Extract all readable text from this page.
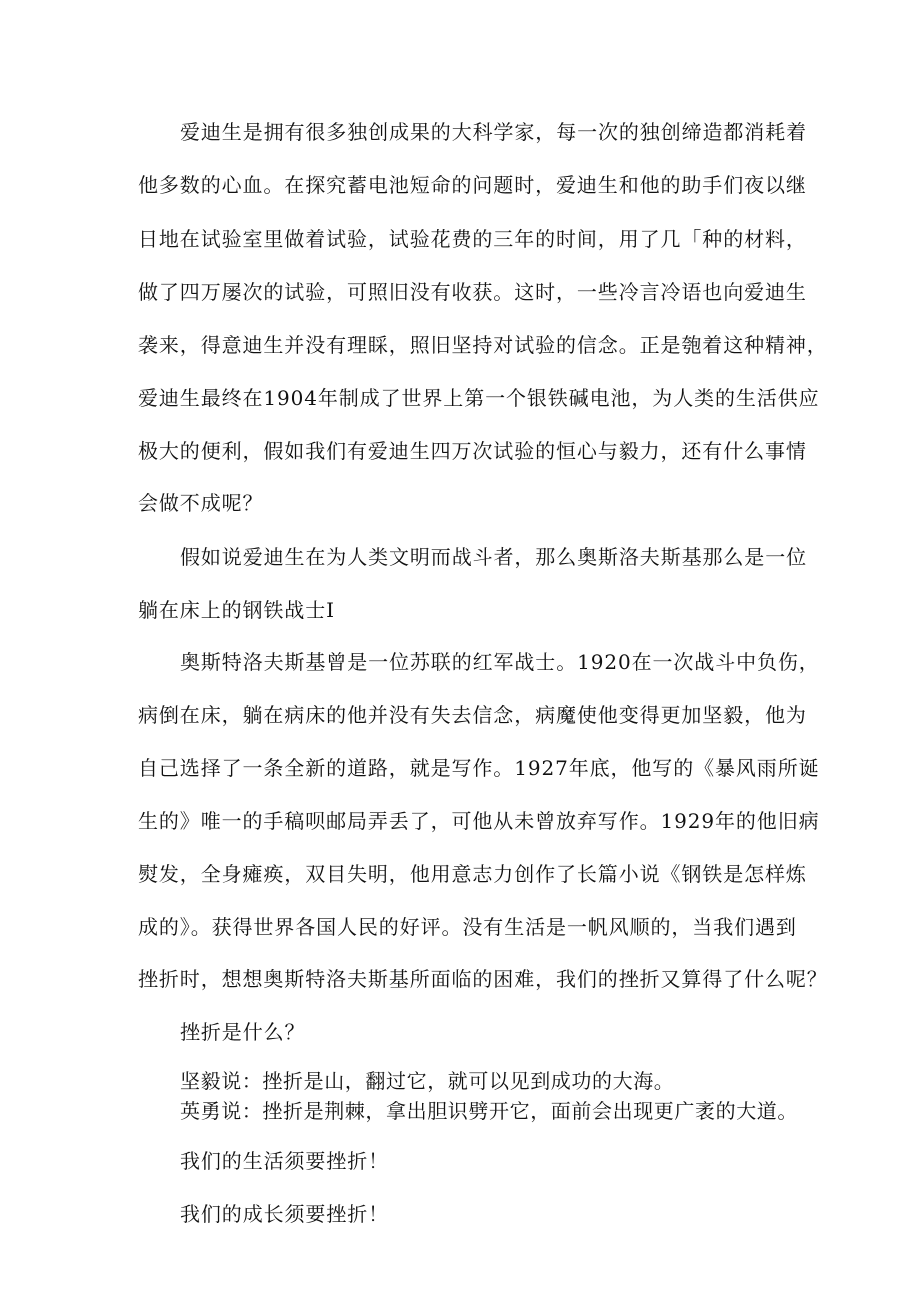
爱迪生是拥有很多独创成果的大科学家，每一次的独创缔造都消耗着
他多数的心血。在探究蓄电池短命的问题时，爱迪生和他的助手们夜以继
日地在试验室里做着试验，试验花费的三年的时间，用了几「种的材料，
做了四万屡次的试验，可照旧没有收获。这时，一些冷言冷语也向爱迪生
袭来，得意迪生并没有理睬，照旧坚持对试验的信念。正是匏着这种精神，
爱迪生最终在1904年制成了世界上第一个银铁碱电池，为人类的生活供应
极大的便利，假如我们有爱迪生四万次试验的恒心与毅力，还有什么事情
会做不成呢？
假如说爱迪生在为人类文明而战斗者，那么奥斯洛夫斯基那么是一位
躺在床上的钢铁战士I
奥斯特洛夫斯基曾是一位苏联的红军战士。1920在一次战斗中负伤，
病倒在床，躺在病床的他并没有失去信念，病魔使他变得更加坚毅，他为
自己选择了一条全新的道路，就是写作。1927年底，他写的《暴风雨所诞
生的》唯一的手稿呗邮局弄丢了，可他从未曾放弃写作。1929年的他旧病
熨发，全身瘫痪，双目失明，他用意志力创作了长篇小说《钢铁是怎样炼
成的》。获得世界各国人民的好评。没有生活是一帆风顺的，当我们遇到
挫折时，想想奥斯特洛夫斯基所面临的困难，我们的挫折又算得了什么呢？
挫折是什么？
坚毅说：挫折是山，翻过它，就可以见到成功的大海。
英勇说：挫折是荆棘，拿出胆识劈开它，面前会出现更广袤的大道。
我们的生活须要挫折！
我们的成长须要挫折！
